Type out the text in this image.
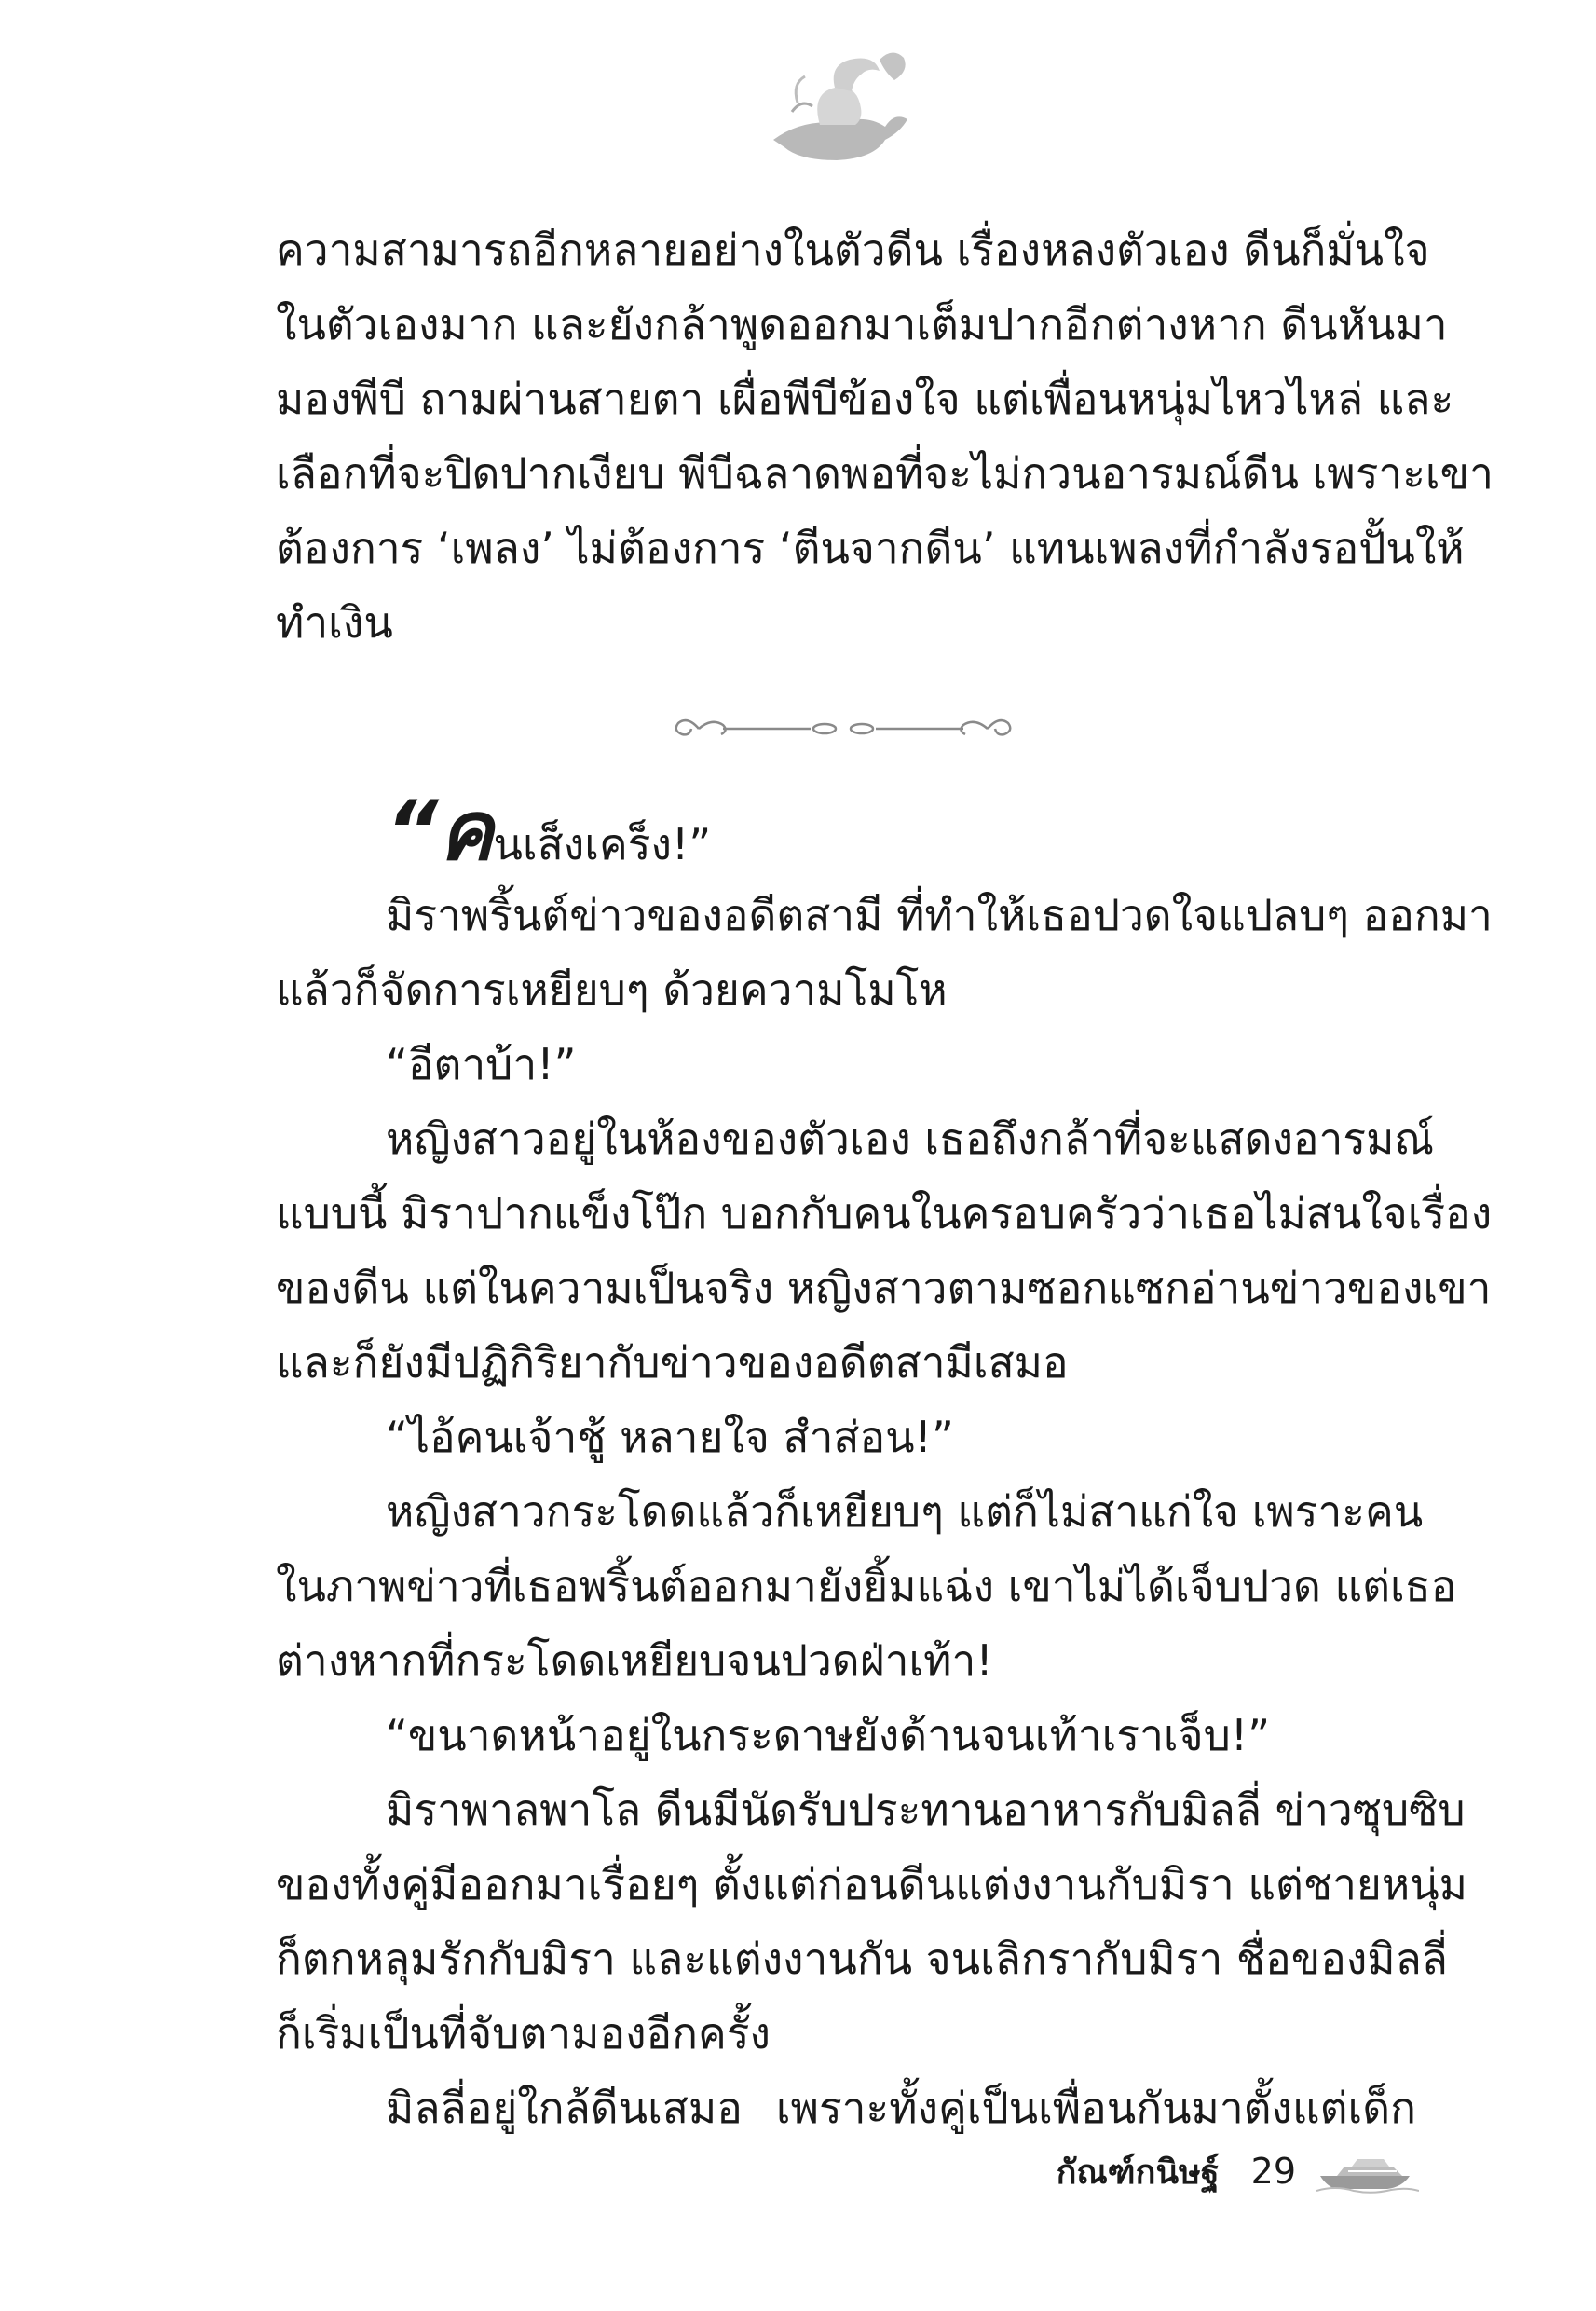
ความสามารถอีกหลายอย่างในตัวดีน เรื่องหลงตัวเอง ดีนก็มั่นใจ
ในตัวเองมาก และยังกล้าพูดออกมาเต็มปากอีกต่างหาก ดีนหันมา
มองพีบี ถามผ่านสายตา เผื่อพีบีข้องใจ แต่เพื่อนหนุ่มไหวไหล่ และ
เลือกที่จะปิดปากเงียบ พีบีฉลาดพอที่จะไม่กวนอารมณ์ดีน เพราะเขา
ต้องการ ‘เพลง’ ไม่ต้องการ ‘ตีนจากดีน’ แทนเพลงที่กำลังรอปั้นให้
ทำเงิน
“คนเส็งเคร็ง!”
มิราพริ้นต์ข่าวของอดีตสามี ที่ทำให้เธอปวดใจแปลบๆ ออกมา
แล้วก็จัดการเหยียบๆ ด้วยความโมโห
“อีตาบ้า!”
หญิงสาวอยู่ในห้องของตัวเอง เธอถึงกล้าที่จะแสดงอารมณ์
แบบนี้ มิราปากแข็งโป๊ก บอกกับคนในครอบครัวว่าเธอไม่สนใจเรื่อง
ของดีน แต่ในความเป็นจริง หญิงสาวตามซอกแซกอ่านข่าวของเขา
และก็ยังมีปฏิกิริยากับข่าวของอดีตสามีเสมอ
“ไอ้คนเจ้าชู้ หลายใจ สำส่อน!”
หญิงสาวกระโดดแล้วก็เหยียบๆ แต่ก็ไม่สาแก่ใจ เพราะคน
ในภาพข่าวที่เธอพริ้นต์ออกมายังยิ้มแฉ่ง เขาไม่ได้เจ็บปวด แต่เธอ
ต่างหากที่กระโดดเหยียบจนปวดฝ่าเท้า!
“ขนาดหน้าอยู่ในกระดาษยังด้านจนเท้าเราเจ็บ!”
มิราพาลพาโล ดีนมีนัดรับประทานอาหารกับมิลลี่ ข่าวซุบซิบ
ของทั้งคู่มีออกมาเรื่อยๆ ตั้งแต่ก่อนดีนแต่งงานกับมิรา แต่ชายหนุ่ม
ก็ตกหลุมรักกับมิรา และแต่งงานกัน จนเลิกรากับมิรา ชื่อของมิลลี่
ก็เริ่มเป็นที่จับตามองอีกครั้ง
มิลลี่อยู่ใกล้ดีนเสมอ เพราะทั้งคู่เป็นเพื่อนกันมาตั้งแต่เด็ก
กัณฑ์กนิษฐ์ 29
